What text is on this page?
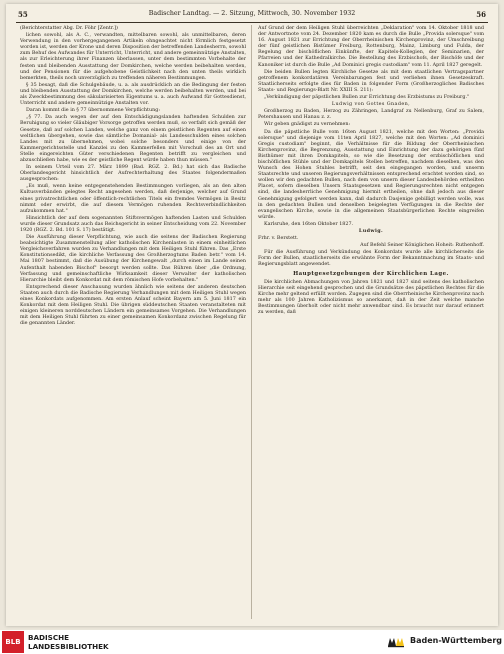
55	Badischer Landtag. — 2. Sitzung, Mittwoch, 30. November 1932	56

(Berichterstatter Abg. Dr. Föhr [Zentr.])

lichen sowohl, als A. C., verwandten, mittelbaren sowohl, als unmittelbaren, deren Verwendung in den vorhergegangenen Artikeln ohngeachtet nicht förmlich festgesetzt worden ist, werden der Krone und deren Disposition der betreffenden Landesherrn, sowohl zum Behuf des Aufwandes für Unterricht, Unterricht, und andere gemeinnützige Anstalten, als zur Erleichterung ihrer Finanzen überlassen, unter dem bestimmten Vorbehalte der festen und bleibenden Ausstattung der Domkirchen, welche werden beibehalten werden, und der Pensionen für die aufgehobene Geistlichkeit nach den unten theils wirklich bemerkten, theils noch unverzüglich zu treffenden näheren Bestimmungen.

§ 35 besagt, daß die Schulgebäude, u. a. als ausdrücklich an die Bedingung der festen und bleibenden Ausstattung der Domkirchen, welche werden beibehalten werden, und bei als Zweckbestimmung des säkularisierten Eigentums u. a. auch Aufwand für Gottesdienst, Unterricht und andere gemeinnützige Anstalten vor.

Daran kommt die in § 77 übernommene Verpflichtung:

„§ 77. Da auch wegen der auf den Entschädigungslanden haftenden Schulden zur Beruhigung so vieler Gläubiger Vorsorge getroffen werden muß, so verfaßt sich gemäß der Gesetze, daß auf solchen Landen, welche ganz von einem geistlichen Regenten auf einen weltlichen übergehen, sowie das sämtliche Domanial- als Landesschulden eines solchen Landes mit zu übernehmen, wobei solche besonders und einige von der Kammergerichtsstelle und Kanzlei zu den Kammerfellen mit Vorschuß des an Ort und Stelle eingereichten Güter verschiedenen Regenten betrifft zu vergleichen und abzuschließen habe, wie es der geistliche Regent würde haben thun müssen."

In seinem Urteil vom 27. März 1899 (Bad. RGZ. 2. Bd.) hat sich das Badische Oberlandesgericht hinsichtlich der Aufrechterhaltung des Staates folgendermaßen ausgesprochen:

„Es muß, wenn keine entgegenstehenden Bestimmungen vorliegen, als an den alten Kultusverbänden gelegtes Recht angesehen werden, daß derjenige, welcher auf Grund eines privatrechtlichen oder öffentlich-rechtlichen Titels ein fremdes Vermögen in Besitz nimmt oder erwirbt, die auf diesem Vermögen ruhenden Rechtsverbindlichkeiten aufzukommen hat."

Hinsichtlich der auf dem sogenannten Stiftsvermögen haftenden Lasten und Schulden wurde dieser Grundsatz auch das Reichsgericht in seiner Entscheidung vom 22. November 1920 (RGZ. 2. Bd. 101 S. 17) bestätigt.

Die Ausführung dieser Verpflichtung, wie auch die seitens der Badischen Regierung beabsichtigte Zusammenstellung aller katholischen Kirchenlasten in einem einheitlichen Vergleichsverfahren wurden zu Verhandlungen mit dem Heiligen Stuhl führen. Das „Erste Konstitutionsedikt, die kirchliche Verfassung des Großherzogtums Baden betr." vom 14. Mai 1807 bestimmt, daß die Ausübung der Kirchengewalt „durch einen im Lande seinen Aufenthalt habenden Bischof" besorgt werden sollte. Das Rühren über „die Ordnung, Verfassung und gemeinschaftliche Wirksamkeit dieser Verwalter der katholischen Hierarchie bleibt dem Konkordat mit dem römischen Hofe vorbehalten."

Entsprechend dieser Anschauung wurden ähnlich wie seitens der anderen deutschen Staaten auch durch die Badische Regierung Verhandlungen mit dem Heiligen Stuhl wegen eines Konkordats aufgenommen. Am ersten Anlauf scheint Bayern am 5. Juni 1817 ein Konkordat mit dem Heiligen Stuhl. Die übrigen süddeutschen Staaten veranstalteten mit einigen kleineren norddeutschen Ländern ein gemeinsames Vorgehen. Die Verhandlungen mit dem Heiligen Stuhl führten zu einer gemeinsamen Konkordanz zwischen Regelung für die genannten Länder.

Auf Grund der dem Heiligen Stuhl überreichten „Deklaration" vom 14. Oktober 1818 und der Antwortnote vom 24. Dezember 1820 kam es durch die Bulle „Provida solersque" vom 16. August 1821 zur Errichtung der Oberrheinischen Kirchenprovinz, der Umschreibung der fünf geistlichen Bistümer Freiburg, Rottenburg, Mainz, Limburg und Fulda, der Regelung der bischöflichen Einkünfte, der Kapitels-Kollegien, der Seminarien, der Pfarreien und der Kathedralkirche. Die Bestellung des Erzbischofs, der Bischöfe und der Kanoniker ist durch die Bulle „Ad Dominici gregis custodiam" vom 11. April 1827 geregelt.

Die beiden Bullen legten Kirchliche Gesetze als mit dem staatlichen Vertragspartner getroffenem konkordatären Vereinbarungen fest und verliehen ihnen Gesetzeskraft. Staatlicherseits erfolgte dies für Baden in folgender Form (Großherzogliches Badisches Staats- und Regierungs-Blatt Nr. XXIII S. 211):

„Verkündigung der päpstlichen Bullen zur Errichtung des Erzbistums zu Freiburg."

Ludwig von Gottes Gnaden,

Großherzog zu Baden, Herzog zu Zähringen, Landgraf zu Nellenburg, Graf zu Salem, Petershausen und Hanau z. z.

Wir geben gnädigst zu vernehmen:

Da die päpstliche Bulle vom 16ten August 1821, welche mit den Worten: „Provida solersque" und diejenige vom 11ten April 1827, welche mit den Worten: „Ad dominici Gregis custodiam" beginnt, die Verhältnisse für die Bildung der Oberrheinischen Kirchenprovinz, die Begrenzung, Ausstattung und Einrichtung der dazu gehörigen fünf Bisthümer mit ihren Domkapiteln, so wie die Besetzung der erzbischöflichen und bischöflichen Stühle und der Domkapitels Stellen betreffen, nachdem dieselben, was den Wunsch des Hohen Stuhles betrifft, seit den eingegangen worden, und unserm Staatsrechte und unseren Regierungsverhältnissen entsprechend erachtet worden sind, so wollen wir den gedachten Bullen, nach dem von unsern dieser Landesbehörden ertheilten Placet, sofern dieselben Unsern Staatsgesetzen und Regierungsrechten nicht entgegen sind, die landesherrliche Genehmigung hiermit ertheilen, ohne daß jedoch aus dieser Genehmigung gefolgert werden kann, daß dadurch Dasjenige gebilligt werden wolle, was in den gedachten Bullen und denselben beigelegten Verfügungen in die Rechte der evangelischen Kirche, sowie in die allgemeinen Staatsbürgerlichen Rechte eingreifen würde.

Karlsruhe, den 16ten Oktober 1827.

Ludwig.

Frhr. v. Berstett.

Auf Befehl Seiner Königlichen Hoheit: Ruthenhoff.

Für die Ausführung und Verkündung des Konkordats wurde alle kirchlicherseits die Form der Bullen, staatlicherseits die erwähnte Form der Bekanntmachung im Staats- und Regierungsblatt angewendet.

Hauptgesetzgebungen der Kirchlichen Lage.

Die kirchlichen Abmachungen von Jahren 1821 und 1827 sind seitens des katholischen Hierarchie seit eingehend gesprochen und die Grundsätze des päpstlichen Rechtes für die Kirche mehr geltend erfüllt worden. Zugegen sind die Oberrheinische Kirchenprovinz nach mehr als 100 Jahren Katholizismus so anerkannt, daß in der Zeit welche manche Bestimmungen überholt oder nicht mehr anwendbar sind. Es braucht nur darauf erinnert zu werden, daß

BLB	BADISCHE
LANDESBIBLIOTHEK
Baden-Württemberg
